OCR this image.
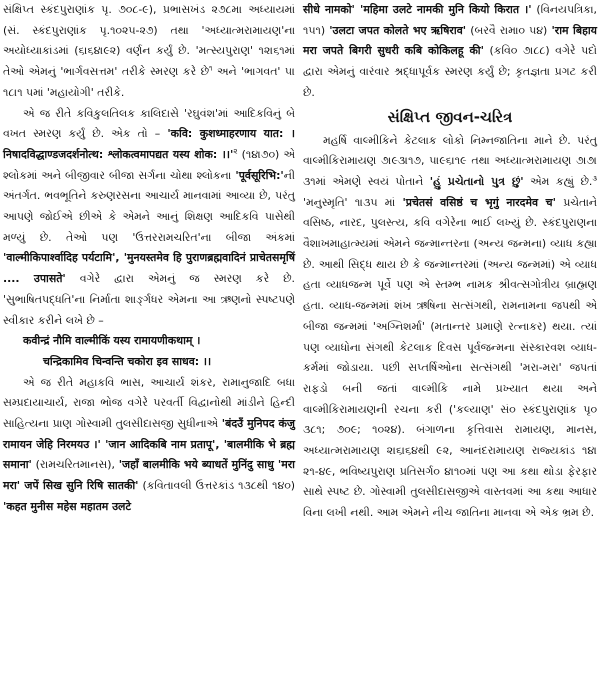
સંક્ષિપ્ત સ્કંદપુરાણાંક પૃ. ૭૦૮-૯), પ્રભાસખંડ ૨૭૮મા અધ્યાયમાં (સં. સ્કંદપુરાણાંક પૃ.૧૦૨૫-૨૭) તથા 'અધ્યાત્મરામાયણ'ના અયોધ્યાકાંડમાં (૬।૬૪।૯૨) વર્ણન કર્યું છે. 'મત્સ્યપુરાણ' ૧૨।૬૧માં તેઓ એમનું 'ભાર્ગવસત્તમ' તરીકે સ્મરણ કરે છે$^૧$ અને 'ભાગવત' ૫।૧૮।૧ પમાં 'મહાયોગી' તરીકે.

એ જ રીતે કવિકુલતિલક કાલિદાસે 'રઘુવંશ'માં આદિકવિનું બે વખત સ્મરણ કર્યું છે. એક તો – 'कवि: कुशध्माहरणाय यात: । निषादविद्धाण्डजदर्शनोत्थ: श्लोकत्वमापद्यत यस्य शोक: $।।'^૨$ (૧૪।૭૦) એ શ્લોકમાં અને બીજીવાર બીજા સર્ગના ચોથા શ્લોકના 'पूर्वसूरिभि:'ની અંતર્ગત. ભવભૂતિને કરુણરસના આચાર્ય માનવામાં આવ્યા છે, પરંતુ આપણે જોઈએ છીએ કે એમને આનું શિક્ષણ આદિકવિ પાસેથી મળ્યું છે. તેઓ પણ 'ઉત્તરરામચરિત'ના બીજા અંકમાં 'वाल्मीकिपार्श्वादिह पर्यटामि', 'मुनयस्तमेव हि पुराणब्रह्मवादिनं प्राचेतसमृषिं .... उपासते' વગેરે દ્વારા એમનું જ સ્મરણ કરે છે. 'સુભાષિતપદ્ધતિ'ના નિર્માતા શાર્ઙ્ગધર એમના આ ઋણનો સ્પષ્ટપણે સ્વીકાર કરીને લખે છે –

कवीन्द्रं नौमि वाल्मीकिं यस्य रामायणीकथाम् ।

चन्द्रिकामिव चिन्वन्ति चकोरा इव साधव: ।।

એ જ રીતે મહાકવિ ભાસ, આચાર્ય શંકર, રામાનુજાદિ બધા સમ્પ્રદાયાચાર્ય, રાજા ભોજ વગેરે પરવર્તી વિદ્વાનોથી માંડીને હિન્દી સાહિત્યના પ્રાણ ગોસ્વામી તુલસીદાસજી સુધીનાએ 'बंदउँ मुनिपद कंजु रामायन जेहि निरमयउ ।' 'जान आदिकबि नाम प्रतापू', 'बालमीकि भे ब्रह्म समाना' (રામચરિતમાનસ), 'जहाँ बालमीकि भये ब्याधतें मुनिंदु साधु 'मरा मरा' जपें सिख सुनि रिषि सातकी' (કવિતાવલી ઉત્તરકાંડ ૧૩૮થી ૧૪૦) 'कहत मुनीस महेस महातम उलटे

सीधे नामको' 'महिमा उलटे नामकी मुनि कियो किरात ।' (વિનયપત્રિકા, ૧૫૧) 'उलटा जपत कोलते भए ऋषिराव' (બરવૈ રામા૦ ૫૪) 'राम बिहाय मरा जपते बिगरी सुधरी कबि कोकिलहू की' (કવિ૦ ૭।૮૮) વગેરે પદો દ્વારા એમનું વારંવાર શ્રદ્ધાપૂર્વક સ્મરણ કર્યું છે; કૃતજ્ઞતા પ્રગટ કરી છે.

સંક્ષિપ્ત જીવન-ચરિત્ર

મહર્ષિ વાલ્મીકિને કેટલાક લોકો નિમ્નજાતિના માને છે. પરંતુ વાલ્મીકિરામાયણ ૭।૯૩।૧૭, ૫।૯૬।૧૯ તથા અધ્યાત્મરામાયણ ૭।૭।૩૧માં એમણે સ્વયં પોતાને 'હું પ્રચેતાનો પુત્ર છું' એમ કહ્યું છે.$^૩$ 'મનુસ્મૃતિ' ૧।૩૫ માં 'प्रचेतसं वसिष्ठं च भृगुं नारदमेव च' પ્રચેતાને વસિષ્ઠ, નારદ, પુલસ્ત્ય, કવિ વગેરેના ભાઈ લખ્યું છે. સ્કંદપુરાણના વૈશાખમાહાત્મ્યમાં એમને જન્માન્તરના (અન્ય જન્મના) વ્યાધ કહ્યા છે. આથી સિદ્ધ થાય છે કે જન્માન્તરમાં (અન્ય જન્મમાં) એ વ્યાધ હતા વ્યાધજન્મ પૂર્વે પણ એ સ્તમ્ભ નામક શ્રીવત્સગોત્રીય બ્રાહ્મણ હતા. વ્યાધ-જન્મમાં શંખ ઋષિના સત્સંગથી, રામનામના જપથી એ બીજા જન્મમાં 'અગ્નિશર્મા' (મતાન્તર પ્રમાણે રત્નાકર) થયા. ત્યાં પણ વ્યાધોના સંગથી કેટલાક દિવસ પૂર્વજન્મના સંસ્કારવશ વ્યાધ-કર્મમાં જોડાયા. પછી સપ્તર્ષિઓના સત્સંગથી 'મરા-મરા' જપતાં રાફડો બની જતાં વાલ્મીકિ નામે પ્રખ્યાત થયા અને વાલ્મીકિરામાયણની રચના કરી ('કલ્યાણ' સં૦ સ્કંદપુરાણાંક પૃ૦ ૩૮૧; ૭૦૯; ૧૦૨૪). બંગાળના કૃત્તિવાસ રામાયણ, માનસ, અધ્યાત્મરામાયણ ૨।૬।૬૪થી ૯૨, આનંદરામાયણ રાજ્યકાંડ ૧૪।૨૧-૪૯, ભવિષ્યપુરાણ પ્રતિસર્ગ૦ ૪।૧૦માં પણ આ કથા થોડા ફેરફાર સાથે સ્પષ્ટ છે. ગોસ્વામી તુલસીદાસજીએ વાસ્તવમાં આ કથા આધાર વિના લખી નથી. આમ એમને નીચ જાતિના માનવા એ એક ભ્રમ છે.
